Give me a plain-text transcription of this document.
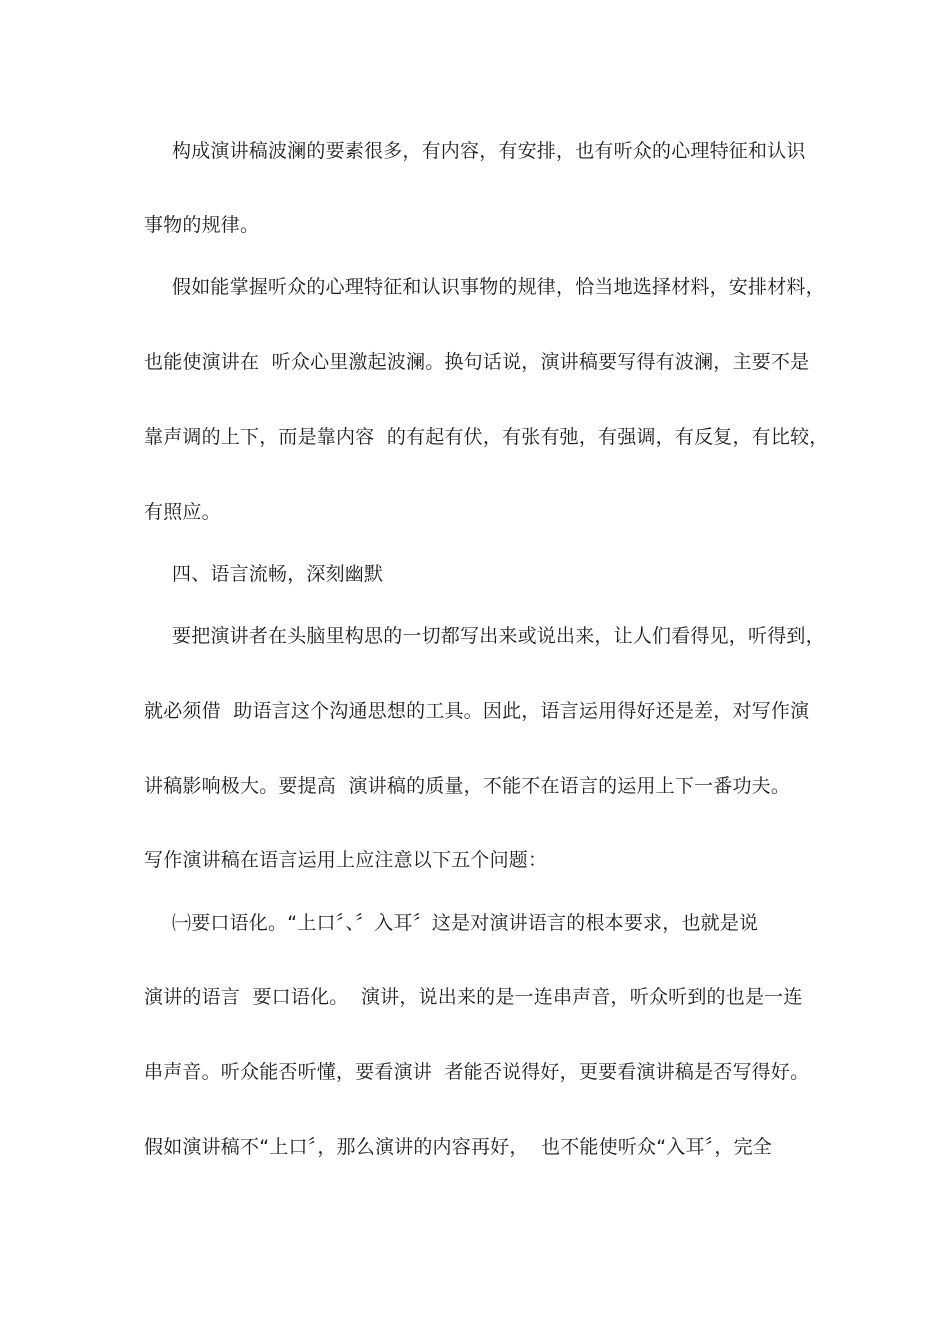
构成演讲稿波澜的要素很多，有内容，有安排，也有听众的心理特征和认识
事物的规律。
假如能掌握听众的心理特征和认识事物的规律，恰当地选择材料，安排材料，
也能使演讲在  听众心里激起波澜。换句话说，演讲稿要写得有波澜，主要不是
靠声调的上下，而是靠内容  的有起有伏，有张有弛，有强调，有反复，有比较，
有照应。
四、语言流畅，深刻幽默
要把演讲者在头脑里构思的一切都写出来或说出来，让人们看得见，听得到，
就必须借  助语言这个沟通思想的工具。因此，语言运用得好还是差，对写作演
讲稿影响极大。要提高  演讲稿的质量，不能不在语言的运用上下一番功夫。
写作演讲稿在语言运用上应注意以下五个问题：
㈠要口语化。“上口〞、〞入耳〞这是对演讲语言的根本要求，也就是说
演讲的语言  要口语化。  演讲，说出来的是一连串声音，听众听到的也是一连
串声音。听众能否听懂，要看演讲  者能否说得好，更要看演讲稿是否写得好。
假如演讲稿不“上口〞，那么演讲的内容再好，  也不能使听众“入耳〞，完全
